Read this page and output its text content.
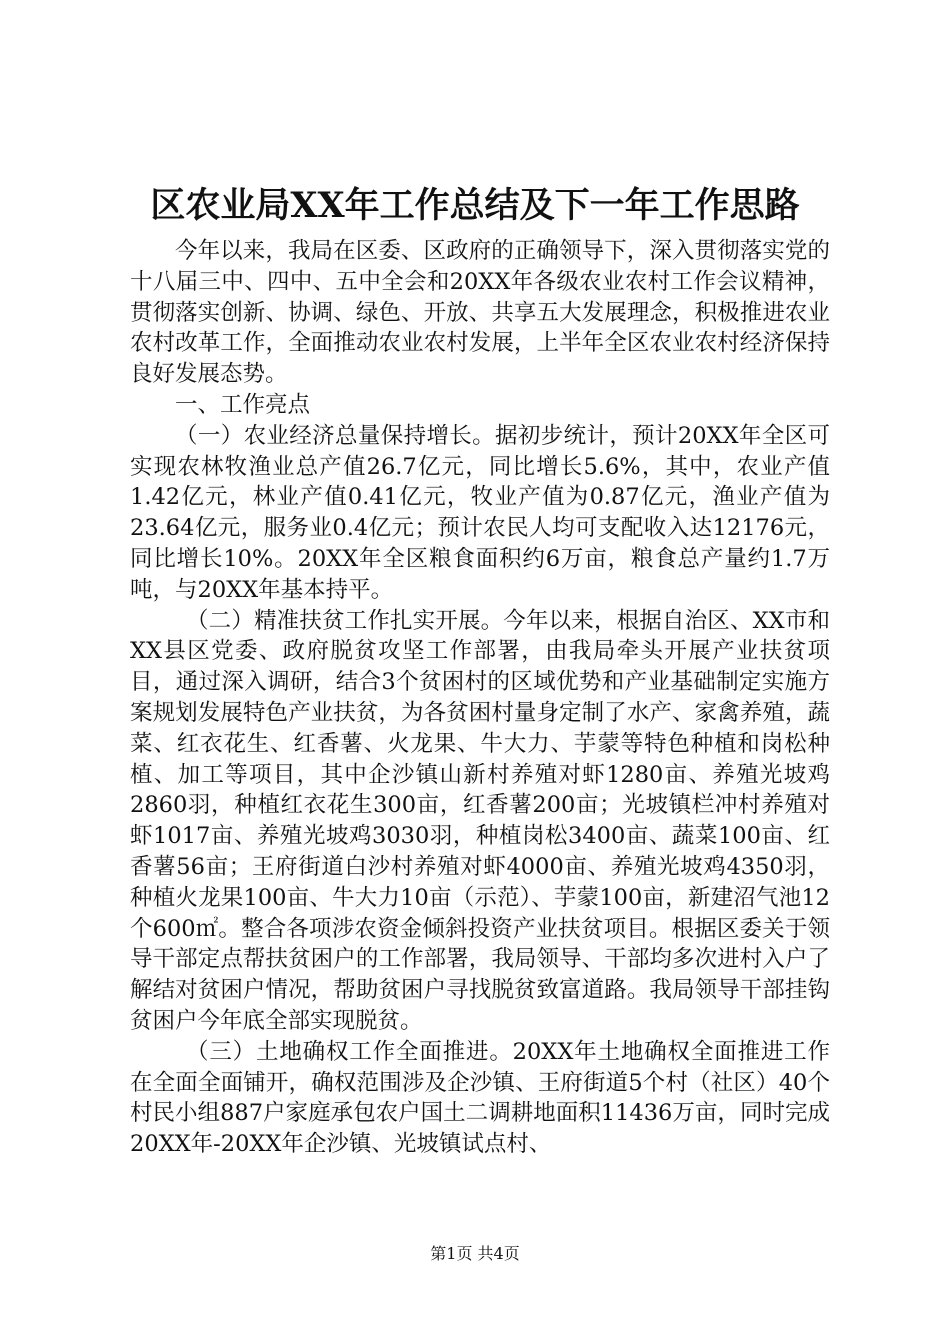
区农业局XX年工作总结及下一年工作思路

今年以来，我局在区委、区政府的正确领导下，深入贯彻落实党的十八届三中、四中、五中全会和20XX年各级农业农村工作会议精神，贯彻落实创新、协调、绿色、开放、共享五大发展理念，积极推进农业农村改革工作，全面推动农业农村发展，上半年全区农业农村经济保持良好发展态势。

一、工作亮点

（一）农业经济总量保持增长。据初步统计，预计20XX年全区可实现农林牧渔业总产值26.7亿元，同比增长5.6%，其中，农业产值1.42亿元，林业产值0.41亿元，牧业产值为0.87亿元，渔业产值为23.64亿元，服务业0.4亿元；预计农民人均可支配收入达12176元，同比增长10%。20XX年全区粮食面积约6万亩，粮食总产量约1.7万吨，与20XX年基本持平。

（二）精准扶贫工作扎实开展。今年以来，根据自治区、XX市和XX县区党委、政府脱贫攻坚工作部署，由我局牵头开展产业扶贫项目，通过深入调研，结合3个贫困村的区域优势和产业基础制定实施方案规划发展特色产业扶贫，为各贫困村量身定制了水产、家禽养殖，蔬菜、红衣花生、红香薯、火龙果、牛大力、芋蒙等特色种植和岗松种植、加工等项目，其中企沙镇山新村养殖对虾1280亩、养殖光坡鸡2860羽，种植红衣花生300亩，红香薯200亩；光坡镇栏冲村养殖对虾1017亩、养殖光坡鸡3030羽，种植岗松3400亩、蔬菜100亩、红香薯56亩；王府街道白沙村养殖对虾4000亩、养殖光坡鸡4350羽，种植火龙果100亩、牛大力10亩（示范）、芋蒙100亩，新建沼气池12个600㎡。整合各项涉农资金倾斜投资产业扶贫项目。根据区委关于领导干部定点帮扶贫困户的工作部署，我局领导、干部均多次进村入户了解结对贫困户情况，帮助贫困户寻找脱贫致富道路。我局领导干部挂钩贫困户今年底全部实现脱贫。

（三）土地确权工作全面推进。20XX年土地确权全面推进工作在全面全面铺开，确权范围涉及企沙镇、王府街道5个村（社区）40个村民小组887户家庭承包农户国土二调耕地面积11436万亩，同时完成20XX年-20XX年企沙镇、光坡镇试点村、

第1页 共4页
